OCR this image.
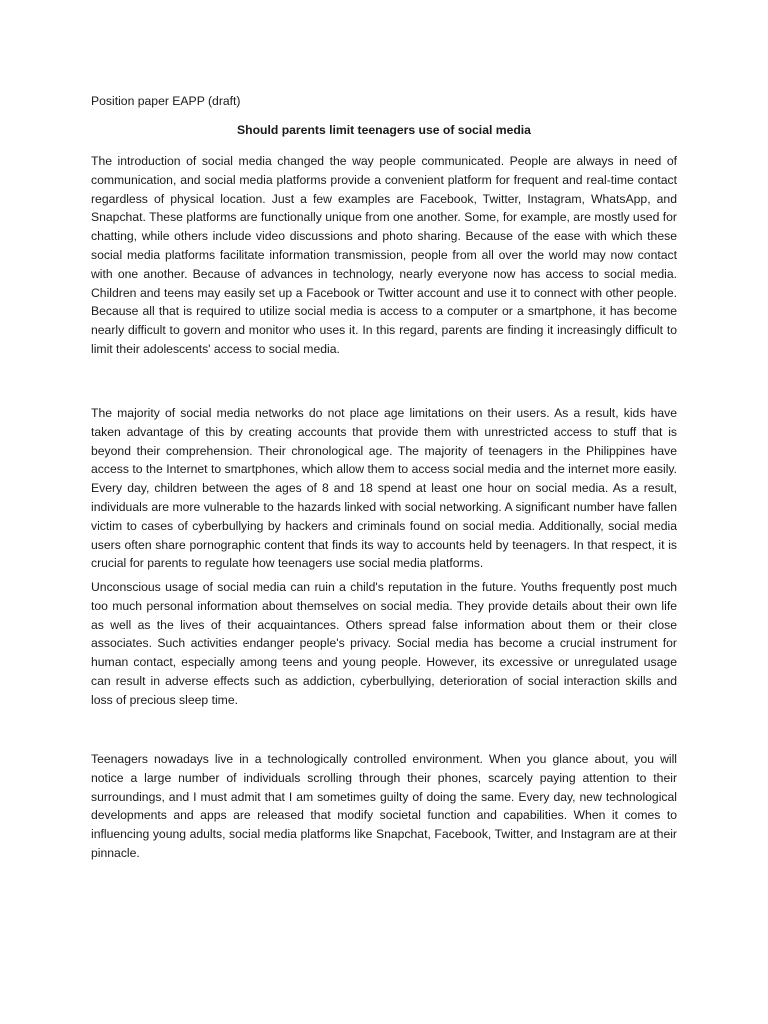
Position paper EAPP (draft)

Should parents limit teenagers use of social media

The introduction of social media changed the way people communicated. People are always in need of communication, and social media platforms provide a convenient platform for frequent and real-time contact regardless of physical location. Just a few examples are Facebook, Twitter, Instagram, WhatsApp, and Snapchat. These platforms are functionally unique from one another. Some, for example, are mostly used for chatting, while others include video discussions and photo sharing. Because of the ease with which these social media platforms facilitate information transmission, people from all over the world may now contact with one another. Because of advances in technology, nearly everyone now has access to social media. Children and teens may easily set up a Facebook or Twitter account and use it to connect with other people. Because all that is required to utilize social media is access to a computer or a smartphone, it has become nearly difficult to govern and monitor who uses it. In this regard, parents are finding it increasingly difficult to limit their adolescents' access to social media.

The majority of social media networks do not place age limitations on their users. As a result, kids have taken advantage of this by creating accounts that provide them with unrestricted access to stuff that is beyond their comprehension. Their chronological age. The majority of teenagers in the Philippines have access to the Internet to smartphones, which allow them to access social media and the internet more easily. Every day, children between the ages of 8 and 18 spend at least one hour on social media. As a result, individuals are more vulnerable to the hazards linked with social networking. A significant number have fallen victim to cases of cyberbullying by hackers and criminals found on social media. Additionally, social media users often share pornographic content that finds its way to accounts held by teenagers. In that respect, it is crucial for parents to regulate how teenagers use social media platforms.

Unconscious usage of social media can ruin a child's reputation in the future. Youths frequently post much too much personal information about themselves on social media. They provide details about their own life as well as the lives of their acquaintances. Others spread false information about them or their close associates. Such activities endanger people's privacy. Social media has become a crucial instrument for human contact, especially among teens and young people. However, its excessive or unregulated usage can result in adverse effects such as addiction, cyberbullying, deterioration of social interaction skills and loss of precious sleep time.

Teenagers nowadays live in a technologically controlled environment. When you glance about, you will notice a large number of individuals scrolling through their phones, scarcely paying attention to their surroundings, and I must admit that I am sometimes guilty of doing the same. Every day, new technological developments and apps are released that modify societal function and capabilities. When it comes to influencing young adults, social media platforms like Snapchat, Facebook, Twitter, and Instagram are at their pinnacle.
